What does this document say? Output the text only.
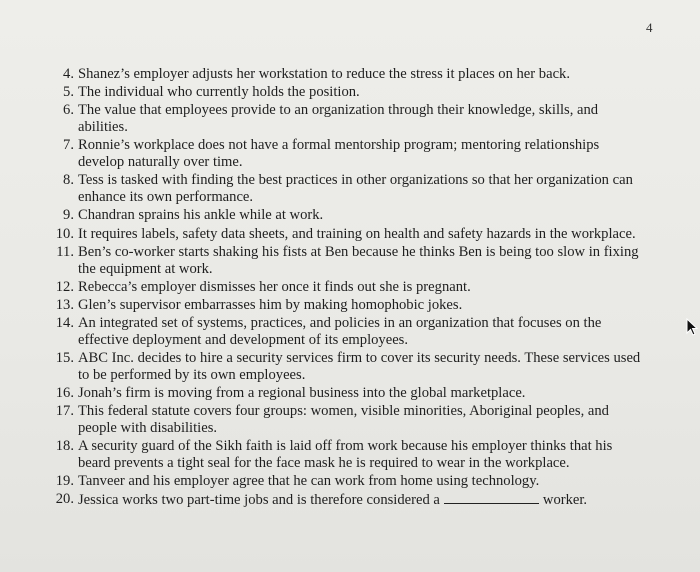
4
4. Shanez’s employer adjusts her workstation to reduce the stress it places on her back.
5. The individual who currently holds the position.
6. The value that employees provide to an organization through their knowledge, skills, and abilities.
7. Ronnie’s workplace does not have a formal mentorship program; mentoring relationships develop naturally over time.
8. Tess is tasked with finding the best practices in other organizations so that her organization can enhance its own performance.
9. Chandran sprains his ankle while at work.
10. It requires labels, safety data sheets, and training on health and safety hazards in the workplace.
11. Ben’s co-worker starts shaking his fists at Ben because he thinks Ben is being too slow in fixing the equipment at work.
12. Rebecca’s employer dismisses her once it finds out she is pregnant.
13. Glen’s supervisor embarrasses him by making homophobic jokes.
14. An integrated set of systems, practices, and policies in an organization that focuses on the effective deployment and development of its employees.
15. ABC Inc. decides to hire a security services firm to cover its security needs. These services used to be performed by its own employees.
16. Jonah’s firm is moving from a regional business into the global marketplace.
17. This federal statute covers four groups: women, visible minorities, Aboriginal peoples, and people with disabilities.
18. A security guard of the Sikh faith is laid off from work because his employer thinks that his beard prevents a tight seal for the face mask he is required to wear in the workplace.
19. Tanveer and his employer agree that he can work from home using technology.
20. Jessica works two part-time jobs and is therefore considered a	worker.
